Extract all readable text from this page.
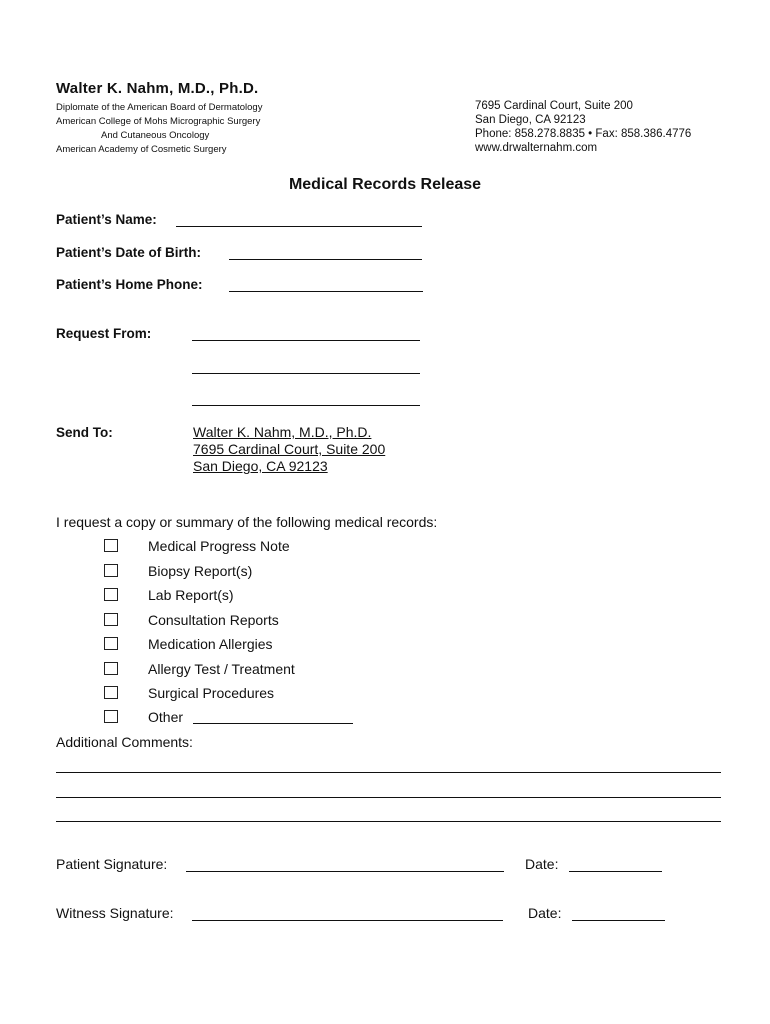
Walter K. Nahm, M.D., Ph.D.
Diplomate of the American Board of Dermatology
American College of Mohs Micrographic Surgery
And Cutaneous Oncology
American Academy of Cosmetic Surgery
7695 Cardinal Court, Suite 200
San Diego, CA 92123
Phone: 858.278.8835 • Fax: 858.386.4776
www.drwalternahm.com
Medical Records Release
Patient’s Name:
Patient’s Date of Birth:
Patient’s Home Phone:
Request From:
Send To:	Walter K. Nahm, M.D., Ph.D.
7695 Cardinal Court, Suite 200
San Diego, CA 92123
I request a copy or summary of the following medical records:
Medical Progress Note
Biopsy Report(s)
Lab Report(s)
Consultation Reports
Medication Allergies
Allergy Test / Treatment
Surgical Procedures
Other
Additional Comments:
Patient Signature:	Date:
Witness Signature:	Date:
